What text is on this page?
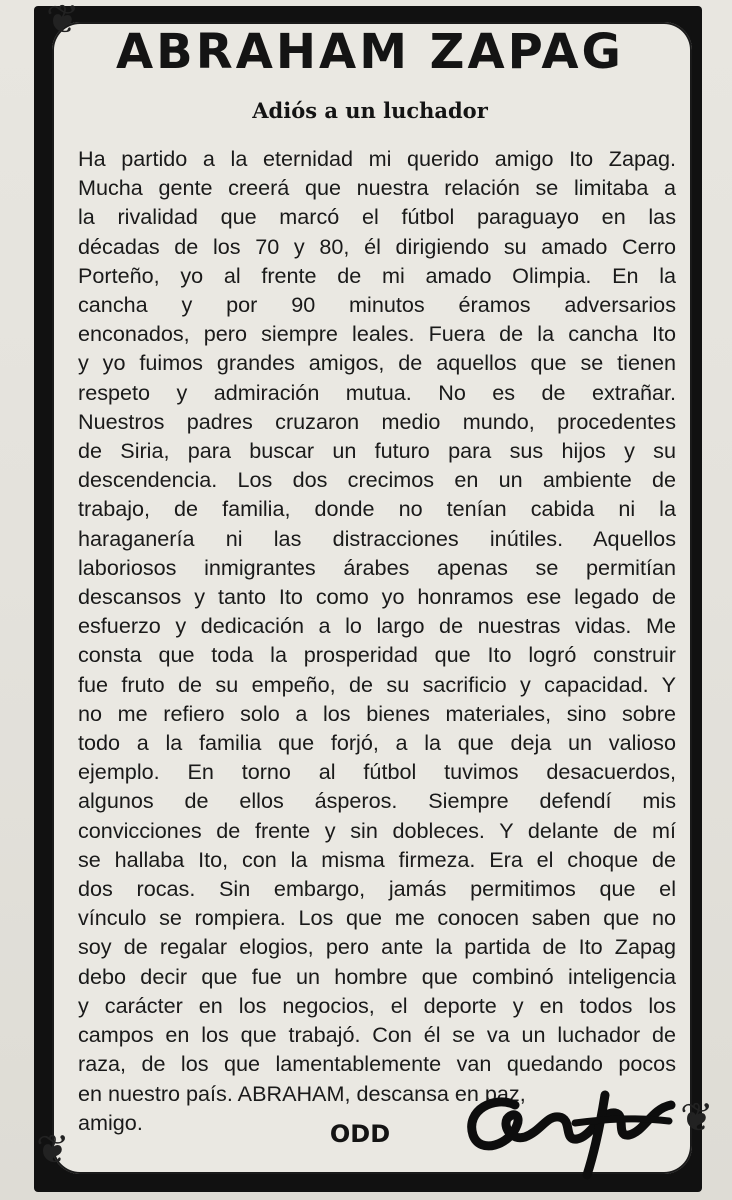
❦
❦
❦
ABRAHAM ZAPAG
Adiós a un luchador
Ha partido a la eternidad mi querido amigo Ito Zapag.
Mucha gente creerá que nuestra relación se limitaba a
la rivalidad que marcó el fútbol paraguayo en las
décadas de los 70 y 80, él dirigiendo su amado Cerro
Porteño, yo al frente de mi amado Olimpia. En la
cancha y por 90 minutos éramos adversarios
enconados, pero siempre leales. Fuera de la cancha Ito
y yo fuimos grandes amigos, de aquellos que se tienen
respeto y admiración mutua. No es de extrañar.
Nuestros padres cruzaron medio mundo, procedentes
de Siria, para buscar un futuro para sus hijos y su
descendencia. Los dos crecimos en un ambiente de
trabajo, de familia, donde no tenían cabida ni la
haraganería ni las distracciones inútiles. Aquellos
laboriosos inmigrantes árabes apenas se permitían
descansos y tanto Ito como yo honramos ese legado de
esfuerzo y dedicación a lo largo de nuestras vidas. Me
consta que toda la prosperidad que Ito logró construir
fue fruto de su empeño, de su sacrificio y capacidad. Y
no me refiero solo a los bienes materiales, sino sobre
todo a la familia que forjó, a la que deja un valioso
ejemplo. En torno al fútbol tuvimos desacuerdos,
algunos de ellos ásperos. Siempre defendí mis
convicciones de frente y sin dobleces. Y delante de mí
se hallaba Ito, con la misma firmeza. Era el choque de
dos rocas. Sin embargo, jamás permitimos que el
vínculo se rompiera. Los que me conocen saben que no
soy de regalar elogios, pero ante la partida de Ito Zapag
debo decir que fue un hombre que combinó inteligencia
y carácter en los negocios, el deporte y en todos los
campos en los que trabajó. Con él se va un luchador de
raza, de los que lamentablemente van quedando pocos
en nuestro país. ABRAHAM, descansa en paz,
amigo.	ODD
